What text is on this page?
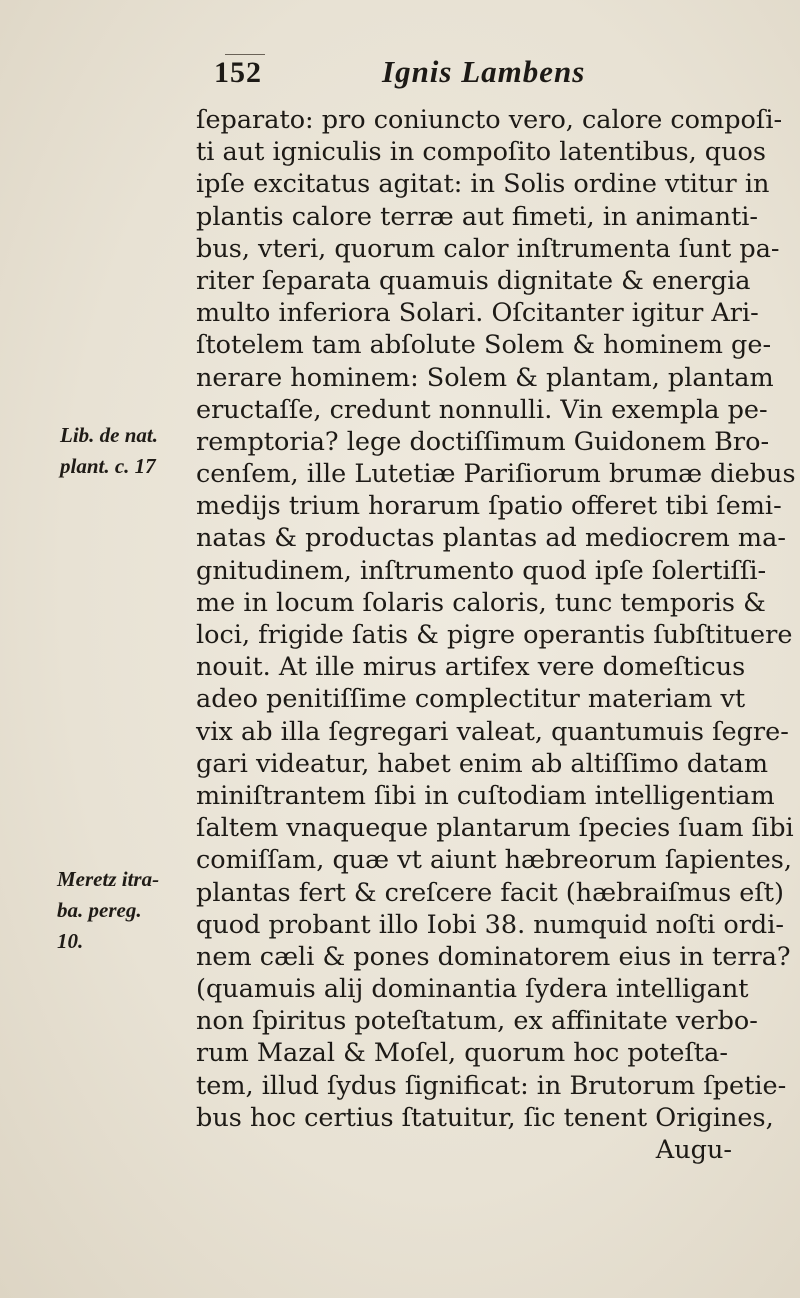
152	Ignis Lambens
Lib. de nat.
plant. c. 17
Meretz itra-
ba. pereg.
10.
ſeparato: pro coniunctο vero, calore compoſi-
ti aut igniculis in compoſito latentibus, quos
ipſe excitatus agitat: in Solis ordine vtitur in
plantis calore terræ aut fimeti, in animanti-
bus, vteri, quorum calor inſtrumenta ſunt pa-
riter ſeparata quamuis dignitate & energia
multo inferiora Solari. Oſcitanter igitur Ari-
ſtotelem tam abſolute Solem & hominem ge-
nerare hominem: Solem & plantam, plantam
eructaſſe, credunt nonnulli. Vin exempla pe-
remptoria? lege doctiſſimum Guidonem Bro-
cenſem, ille Lutetiæ Pariſiorum brumæ diebus
medijs trium horarum ſpatio offeret tibi ſemi-
natas & productas plantas ad mediocrem ma-
gnitudinem, inſtrumento quod ipſe ſolertiſſi-
me in locum ſolaris caloris, tunc temporis &
loci, frigide ſatis & pigre operantis ſubſtituere
nouit. At ille mirus artifex vere domeſticus
adeo penitiſſime complectitur materiam vt
vix ab illa ſegregari valeat, quantumuis ſegre-
gari videatur, habet enim ab altiſſimo datam
miniſtrantem ſibi in cuſtodiam intelligentiam
ſaltem vnaqueque plantarum ſpecies ſuam ſibi
comiſſam, quæ vt aiunt hæbreorum ſapientes,
plantas fert & creſcere facit (hæbraiſmus eſt)
quod probant illo Iobi 38. numquid noſti ordi-
nem cæli & pones dominatorem eius in terra?
(quamuis alij dominantia ſydera intelligant
non ſpiritus poteſtatum, ex affinitate verbo-
rum Mazal & Moſel, quorum hoc poteſta-
tem, illud ſydus ſignificat: in Brutorum ſpetie-
bus hoc certius ſtatuitur, ſic tenent Origines,
Augu-
